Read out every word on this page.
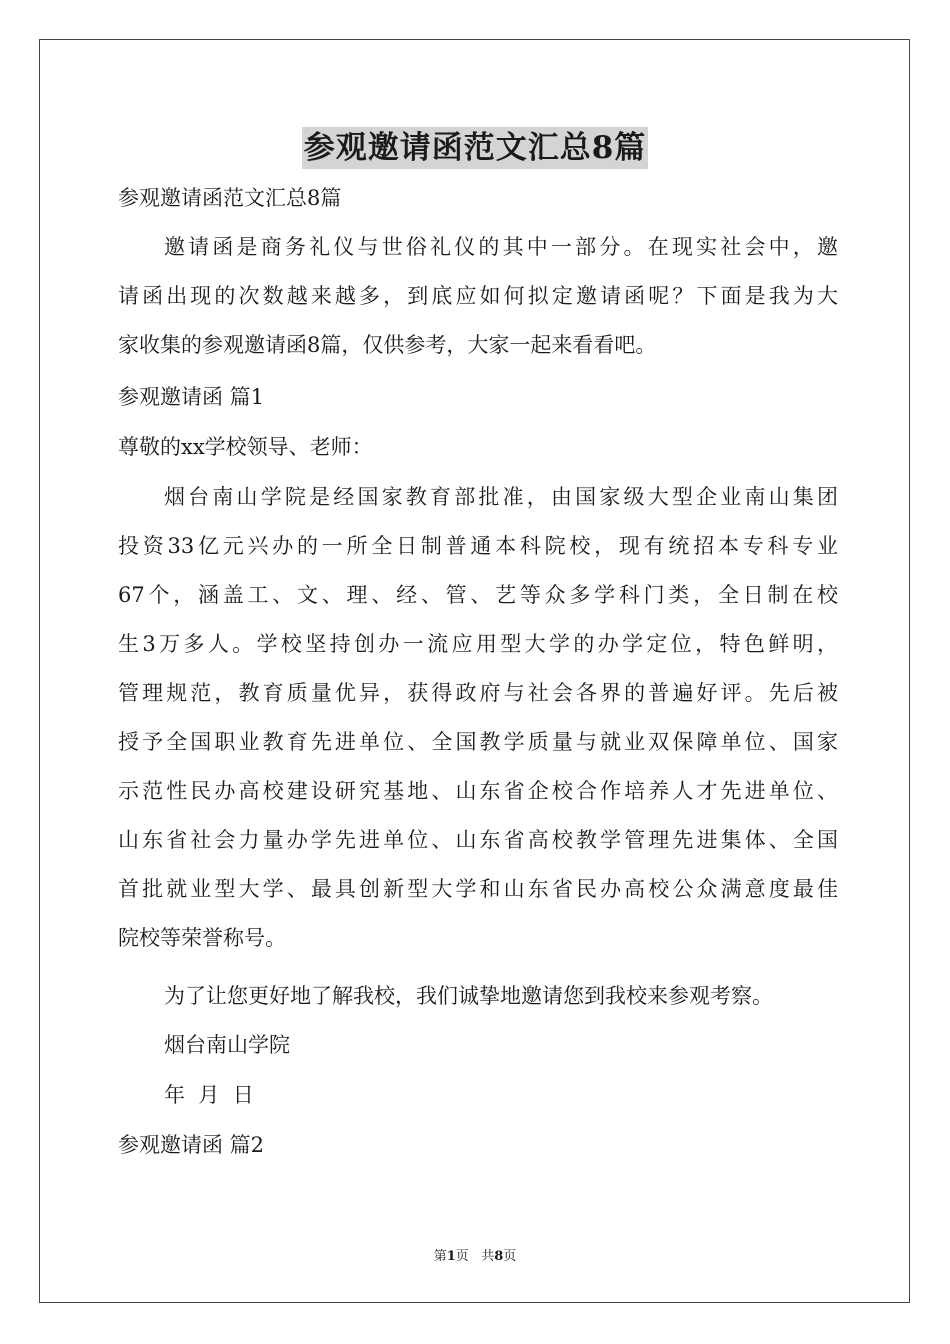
参观邀请函范文汇总8篇
参观邀请函范文汇总8篇
邀请函是商务礼仪与世俗礼仪的其中一部分。在现实社会中，邀
请函出现的次数越来越多，到底应如何拟定邀请函呢？下面是我为大
家收集的参观邀请函8篇，仅供参考，大家一起来看看吧。
参观邀请函 篇1
尊敬的xx学校领导、老师：
烟台南山学院是经国家教育部批准，由国家级大型企业南山集团
投资33亿元兴办的一所全日制普通本科院校，现有统招本专科专业
67个，涵盖工、文、理、经、管、艺等众多学科门类，全日制在校
生3万多人。学校坚持创办一流应用型大学的办学定位，特色鲜明，
管理规范，教育质量优异，获得政府与社会各界的普遍好评。先后被
授予全国职业教育先进单位、全国教学质量与就业双保障单位、国家
示范性民办高校建设研究基地、山东省企校合作培养人才先进单位、
山东省社会力量办学先进单位、山东省高校教学管理先进集体、全国
首批就业型大学、最具创新型大学和山东省民办高校公众满意度最佳
院校等荣誉称号。
为了让您更好地了解我校，我们诚挚地邀请您到我校来参观考察。
烟台南山学院
年  月  日
参观邀请函 篇2
第1页 共8页
